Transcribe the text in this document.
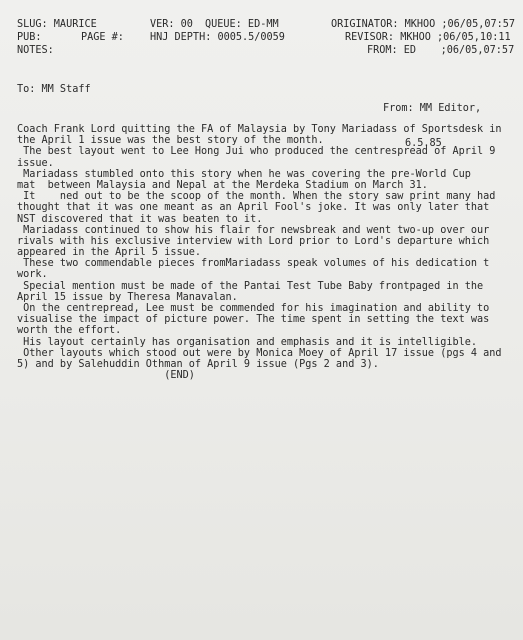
SLUG: MAURICE	VER: 00 QUEUE: ED-MM	ORIGINATOR: MKHOO ;06/05,07:57
PUB:	PAGE #:	HNJ DEPTH: 0005.5/0059	REVISOR: MKHOO ;06/05,10:11
NOTES:	FROM: ED    ;06/05,07:57
To: MM Staff

From: MM Editor,

6.5.85

Coach Frank Lord quitting the FA of Malaysia by Tony Mariadass of Sportsdesk in
the April 1 issue was the best story of the month.
The best layout went to Lee Hong Jui who produced the centrespread of April 9
issue.
Mariadass stumbled onto this story when he was covering the pre-World Cup
mat  between Malaysia and Nepal at the Merdeka Stadium on March 31.
It    ned out to be the scoop of the month. When the story saw print many had
thought that it was one meant as an April Fool's joke. It was only later that
NST discovered that it was beaten to it.
Mariadass continued to show his flair for newsbreak and went two-up over our
rivals with his exclusive interview with Lord prior to Lord's departure which
appeared in the April 5 issue.
These two commendable pieces fromMariadass speak volumes of his dedication t
work.
Special mention must be made of the Pantai Test Tube Baby frontpaged in the
April 15 issue by Theresa Manavalan.
On the centrepread, Lee must be commended for his imagination and ability to
visualise the impact of picture power. The time spent in setting the text was
worth the effort.
His layout certainly has organisation and emphasis and it is intelligible.
Other layouts which stood out were by Monica Moey of April 17 issue (pgs 4 and
5) and by Salehuddin Othman of April 9 issue (Pgs 2 and 3).
(END)
